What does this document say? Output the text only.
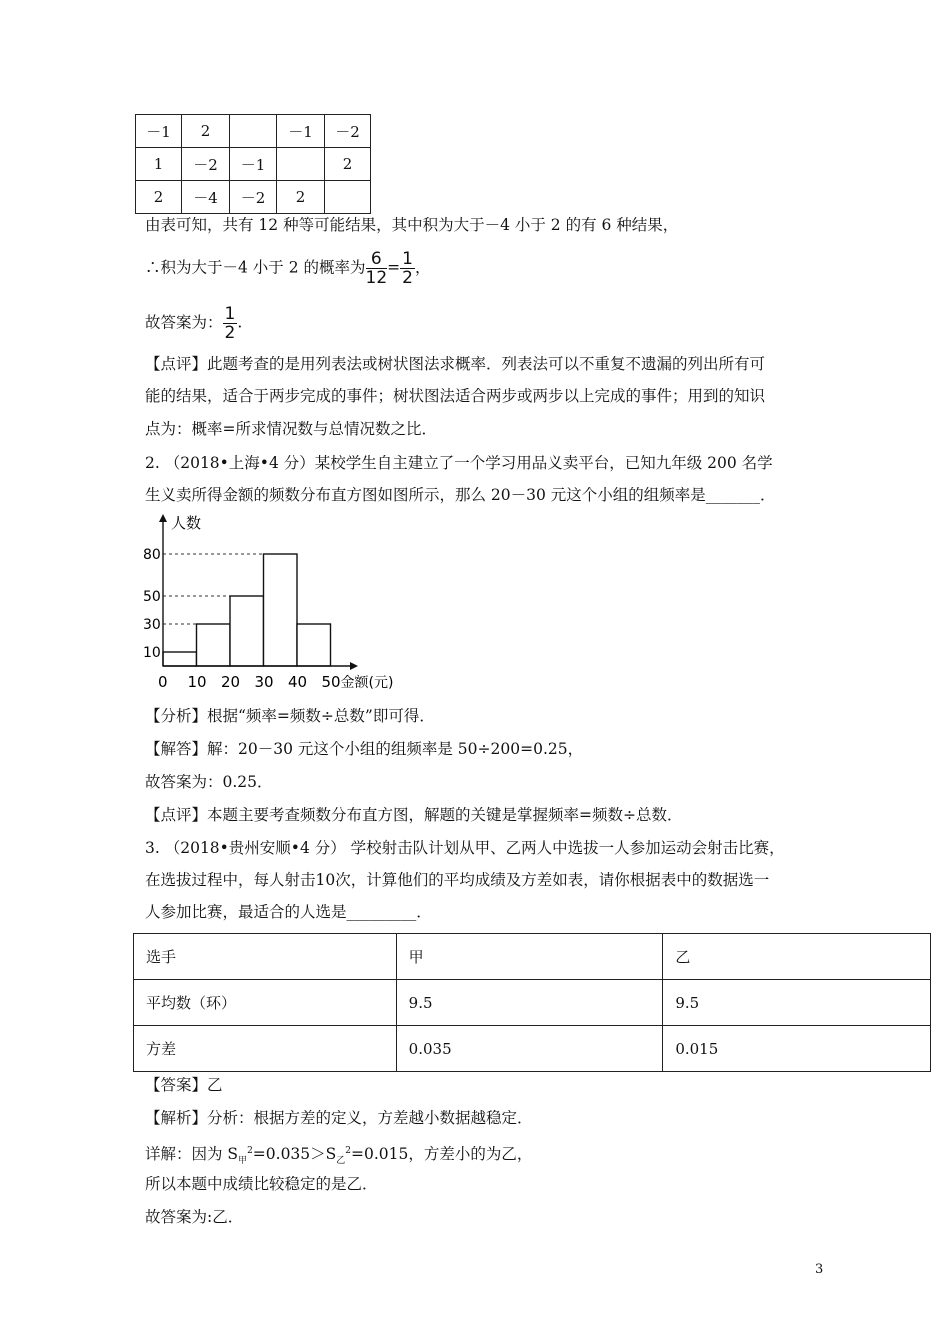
－1	2		－1	－2
1	－2	－1		2
2	－4	－2	2	
由表可知，共有 12 种等可能结果，其中积为大于－4 小于 2 的有 6 种结果，
∴积为大于－4 小于 2 的概率为 $\frac{6}{12} = \frac{1}{2}$ ，
故答案为： $\frac{1}{2}$ .
【点评】此题考查的是用列表法或树状图法求概率．列表法可以不重复不遗漏的列出所有可
能的结果，适合于两步完成的事件；树状图法适合两步或两步以上完成的事件；用到的知识
点为：概率=所求情况数与总情况数之比．
2. （2018•上海•4 分）某校学生自主建立了一个学习用品义卖平台，已知九年级 200 名学
生义卖所得金额的频数分布直方图如图所示，那么 20－30 元这个小组的组频率是_______．
10
30
50
80
0 10 20 30 40 50
人数
金额(元)
【分析】根据“频率=频数÷总数”即可得．
【解答】解：20－30 元这个小组的组频率是 50÷200=0.25，
故答案为：0.25．
【点评】本题主要考查频数分布直方图，解题的关键是掌握频率=频数÷总数．
3. （2018•贵州安顺•4 分） 学校射击队计划从甲、乙两人中选拔一人参加运动会射击比赛，
在选拔过程中，每人射击10次，计算他们的平均成绩及方差如表，请你根据表中的数据选一
人参加比赛，最适合的人选是_________．
选手	甲	乙
平均数（环）	9.5	9.5
方差	0.035	0.015
【答案】乙
【解析】分析：根据方差的定义，方差越小数据越稳定．
详解：因为 $S_甲^2=0.035>S_乙^2=0.015$，方差小的为乙，
所以本题中成绩比较稳定的是乙．
故答案为:乙．
3
